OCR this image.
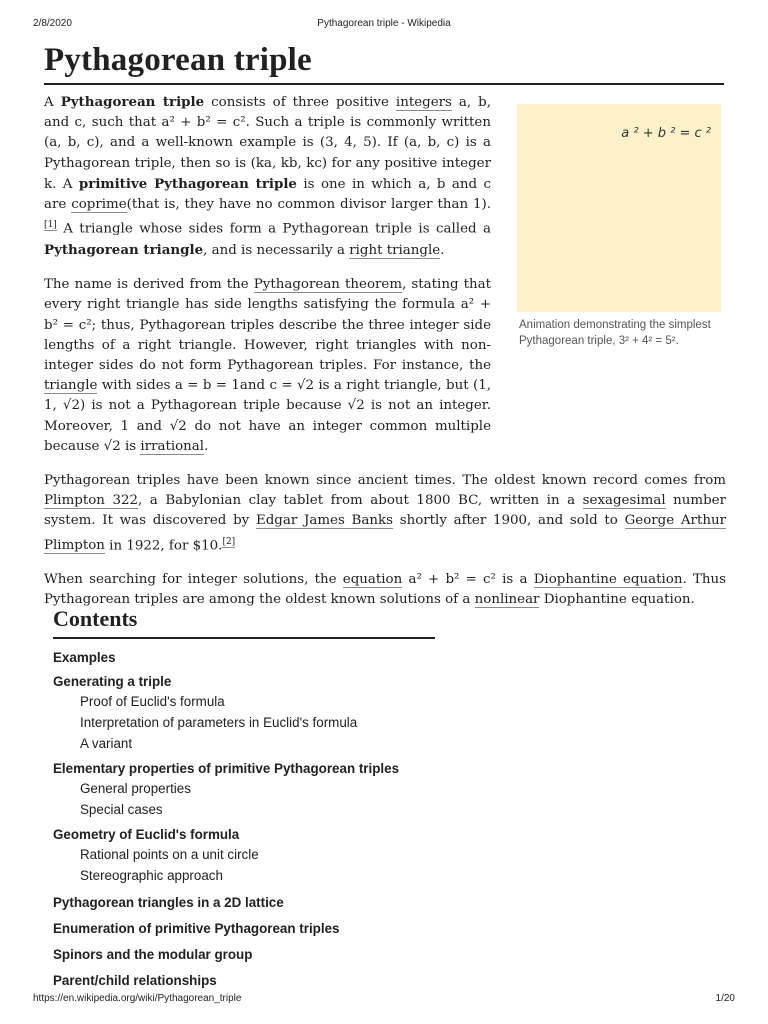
2/8/2020	Pythagorean triple - Wikipedia
Pythagorean triple
a ² + b ² = c ²
Animation demonstrating the simplest Pythagorean triple, 3² + 4² = 5².

A Pythagorean triple consists of three positive integers a, b, and c, such that a² + b² = c². Such a triple is commonly written (a, b, c), and a well-known example is (3, 4, 5). If (a, b, c) is a Pythagorean triple, then so is (ka, kb, kc) for any positive integer k. A primitive Pythagorean triple is one in which a, b and c are coprime(that is, they have no common divisor larger than 1).[1] A triangle whose sides form a Pythagorean triple is called a Pythagorean triangle, and is necessarily a right triangle.

The name is derived from the Pythagorean theorem, stating that every right triangle has side lengths satisfying the formula a² + b² = c²; thus, Pythagorean triples describe the three integer side lengths of a right triangle. However, right triangles with non-integer sides do not form Pythagorean triples. For instance, the triangle with sides a = b = 1and c = √2 is a right triangle, but (1, 1, √2) is not a Pythagorean triple because √2 is not an integer. Moreover, 1 and √2 do not have an integer common multiple because √2 is irrational.

Pythagorean triples have been known since ancient times. The oldest known record comes from Plimpton 322, a Babylonian clay tablet from about 1800 BC, written in a sexagesimal number system. It was discovered by Edgar James Banks shortly after 1900, and sold to George Arthur Plimpton in 1922, for $10.[2]

When searching for integer solutions, the equation a² + b² = c² is a Diophantine equation. Thus Pythagorean triples are among the oldest known solutions of a nonlinear Diophantine equation.

Contents
Examples
Generating a triple
Proof of Euclid's formula
Interpretation of parameters in Euclid's formula
A variant
Elementary properties of primitive Pythagorean triples
General properties
Special cases
Geometry of Euclid's formula
Rational points on a unit circle
Stereographic approach
Pythagorean triangles in a 2D lattice
Enumeration of primitive Pythagorean triples
Spinors and the modular group
Parent/child relationships
https://en.wikipedia.org/wiki/Pythagorean_triple	1/20
